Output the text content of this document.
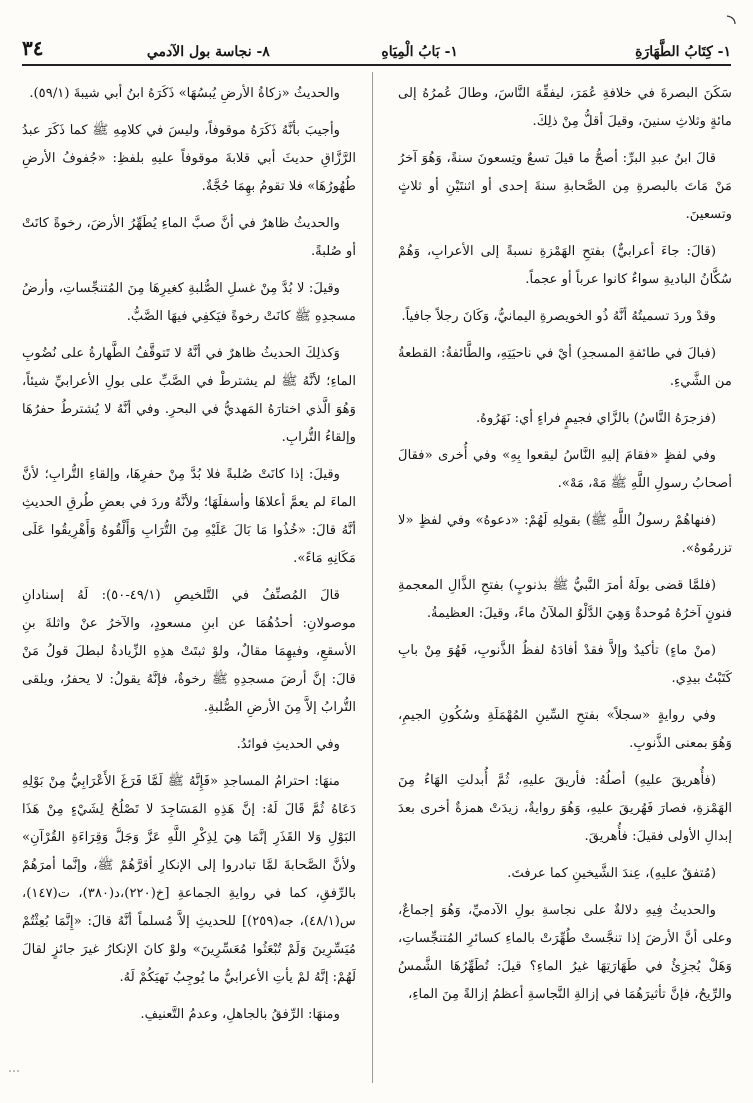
١- كِتَابُ الطَّهَارَةِ
١- بَابُ الْمِيَاهِ
٨- نجاسة بول الآدمي
٣٤

سَكَنَ البصرةَ في خلافةِ عُمَرَ، ليفقِّهَ النَّاسَ، وطالَ عُمرُهُ إلى مائةٍ وثلاثِ سنينَ، وقيلَ أقلُّ مِنْ ذلِكَ.

قالَ ابنُ عبدِ البرِّ: أصحُّ ما قيلَ تسعٌ وتِسعونَ سنةً، وَهُوَ آخرُ مَنْ مَاتَ بالبصرةِ مِن الصَّحابةِ سنةَ إحدى أو اثنتَيْنِ أو ثلاثٍ وتسعينَ.

(قالَ: جاءَ أعرابيٌّ) بفتحِ الهَمْزةِ نسبةً إلى الأعرابِ، وَهُمْ سُكَّانُ الباديةِ سواءٌ كانوا عرباً أو عجماً.

وقدْ وردَ تسميتُهُ أنَّهُ ذُو الخويصرةِ اليمانيُّ، وَكَانَ رجلاً جافياً.

(فبالَ في طائفةِ المسجدِ) أيْ في ناحيَتِهِ، والطَّائفةُ: القطعةُ من الشَّيءِ.

(فزجرَهُ النَّاسُ) بالزَّاي فجيمٍ فراءٍ أي: نَهَرُوهُ.

وفي لفظٍ «فقامَ إليهِ النَّاسُ ليقعوا بِهِ» وفي أُخرى «فقالَ أصحابُ رسولِ اللَّهِ ﷺ مَهْ، مَهْ».

(فنهاهُمْ رسولُ اللَّهِ ﷺ) بقولِهِ لَهُمْ: «دعوهُ» وفي لفظٍ «لا تزرمُوهُ».

(فلمَّا قضى بولَهُ أمرَ النَّبيُّ ﷺ بذنوبٍ) بفتحِ الذَّالِ المعجمةِ فنونٍ آخرُهُ مُوحدةٌ وَهِيَ الدَّلْوُ الملآنُ ماءً، وقيلَ: العظيمةُ.

(منْ ماءٍ) تأكيدٌ وإلاَّ فقدْ أفادَهُ لفظُ الذَّنوبِ، فَهُوَ مِنْ بابِ كَتَبْتُ بيدِي.

وفي روايةٍ «سجلاً» بفتحِ السِّينِ المُهْمَلَةِ وسُكُونِ الجيمِ، وَهُوَ بمعنى الذَّنوبِ.

(فأُهريقَ عليهِ) أصلُهُ: فأريقَ عليهِ، ثُمَّ أُبدلتِ الهَاءُ مِنَ الهَمْزةِ، فصارَ فَهُريقَ عليهِ، وَهُوَ روايةٌ، زيدَتْ همزةٌ أخرى بعدَ إبدالِ الأولى فقيلَ: فأُهريقَ.

(مُتفقٌ عليهِ)، عِندَ الشَّيخينِ كما عرفتَ.

والحديثُ فِيهِ دلالةٌ على نجاسةِ بولِ الآدميِّ، وَهُوَ إجماعٌ، وعلى أنَّ الأرضَ إذا تنجَّستْ طُهِّرَتْ بالماءِ كسائرِ المُتنجِّساتِ، وَهَلْ يُجزِئُ في طَهَارَتِهَا غيرُ الماءِ؟ قيلَ: تُطَهِّرُهَا الشَّمسُ والرِّيحُ، فإنَّ تأثيرَهُمَا في إزالةِ النَّجاسةِ أعظمُ إزالةً مِنَ الماءِ،

والحديثُ «زكاةُ الأرضِ يُبسُهَا» ذَكَرَهُ ابنُ أبي شيبةَ (٥٩/١).

وأجيبَ بأنَّهُ ذَكَرَهُ موقوفاً، وليسَ في كلامِهِ ﷺ كما ذَكَرَ عبدُ الرَّزَّاقِ حديثَ أبي قلابةَ موقوفاً عليهِ بلفظِ: «جُفوفُ الأرضِ طُهُورُهَا» فلا تقومُ بهِمَا حُجَّةٌ.

والحديثُ ظاهرٌ في أنَّ صبَّ الماءِ يُطَهِّرُ الأرضَ، رخوةً كانَتْ أو صُلبةً.

وقيلَ: لا بُدَّ مِنْ غسلِ الصُّلبةِ كغيرِهَا مِنَ المُتنجِّساتِ، وأرضُ مسجدِهِ ﷺ كانَتْ رخوةً فيَكفِي فيهَا الصَّبُّ.

وَكذلِكَ الحديثُ ظاهرٌ في أنَّهُ لا تَتوقَّفُ الطَّهارةُ على نُضُوبِ الماءِ؛ لأنَّهُ ﷺ لم يشترطْ في الصَّبِّ على بولِ الأعرابيِّ شيئاً، وَهُوَ الَّذي اختارَهُ المَهديُّ في البحرِ. وفي أنَّهُ لا يُشترطُ حفرُهَا وإلقاءُ التُّرابِ.

وقيلَ: إذا كانَتْ صُلبةً فلا بُدَّ مِنْ حفرِهَا، وإلقاءِ التُّرابِ؛ لأنَّ الماءَ لم يعمَّ أعلاهَا وأسفلَهَا؛ ولأنَّهُ وردَ في بعضِ طُرقِ الحديثِ أنَّهُ قالَ: «خُذُوا مَا بَالَ عَلَيْهِ مِنَ التُّرَابِ وَأَلْقُوهُ وَأَهْرِيقُوا عَلَى مَكَانِهِ مَاءً».

قالَ المُصنِّفُ في التَّلخيصِ (٤٩/١-٥٠): لَهُ إسنادانِ موصولانِ: أحدُهُمَا عن ابنِ مسعودٍ، والآخرُ عنْ واثلةَ بنِ الأسقعِ، وفيهِمَا مقالٌ، ولوْ ثبتَتْ هذِهِ الزِّيادةُ لبطلَ قولُ مَنْ قالَ: إنَّ أرضَ مسجدِهِ ﷺ رخوةٌ، فإنَّهُ يقولُ: لا يحفرُ، ويلقى التُّرابُ إلاَّ مِنَ الأرضِ الصُّلبةِ.

وفي الحديثِ فوائدُ.

منهَا: احترامُ المساجدِ «فَإِنَّهُ ﷺ لَمَّا فَرَغَ الأَعْرَابِيُّ مِنْ بَوْلِهِ دَعَاهُ ثُمَّ قَالَ لَهُ: إنَّ هَذِهِ المَسَاجِدَ لا تَصْلُحُ لِشَيْءٍ مِنْ هَذَا البَوْلِ وَلا القَذَرِ إنَّمَا هِيَ لِذِكْرِ اللَّهِ عَزَّ وَجَلَّ وَقِرَاءَةِ القُرْآنِ» ولأنَّ الصَّحابةَ لمَّا تبادروا إلى الإنكارِ أقرَّهُمْ ﷺ، وإنَّما أمرَهُمْ بالرِّفقِ، كما في روايةِ الجماعةِ [خ(٢٢٠)،د(٣٨٠)، ت(١٤٧)، س(٤٨/١)، جه(٢٥٩)] للحديثِ إلاَّ مُسلماً أنَّهُ قالَ: «إِنَّمَا بُعِثْتُمْ مُيَسِّرِينَ وَلَمْ تُبْعَثُوا مُعَسِّرِينَ» ولوْ كانَ الإنكارُ غيرَ جائزٍ لقالَ لَهُمْ: إنَّهُ لمْ يأتِ الأعرابيُّ ما يُوجِبُ نَهيَكُمْ لَهُ.

ومنهَا: الرِّفقُ بالجاهلِ، وعدمُ التَّعنيفِ.
